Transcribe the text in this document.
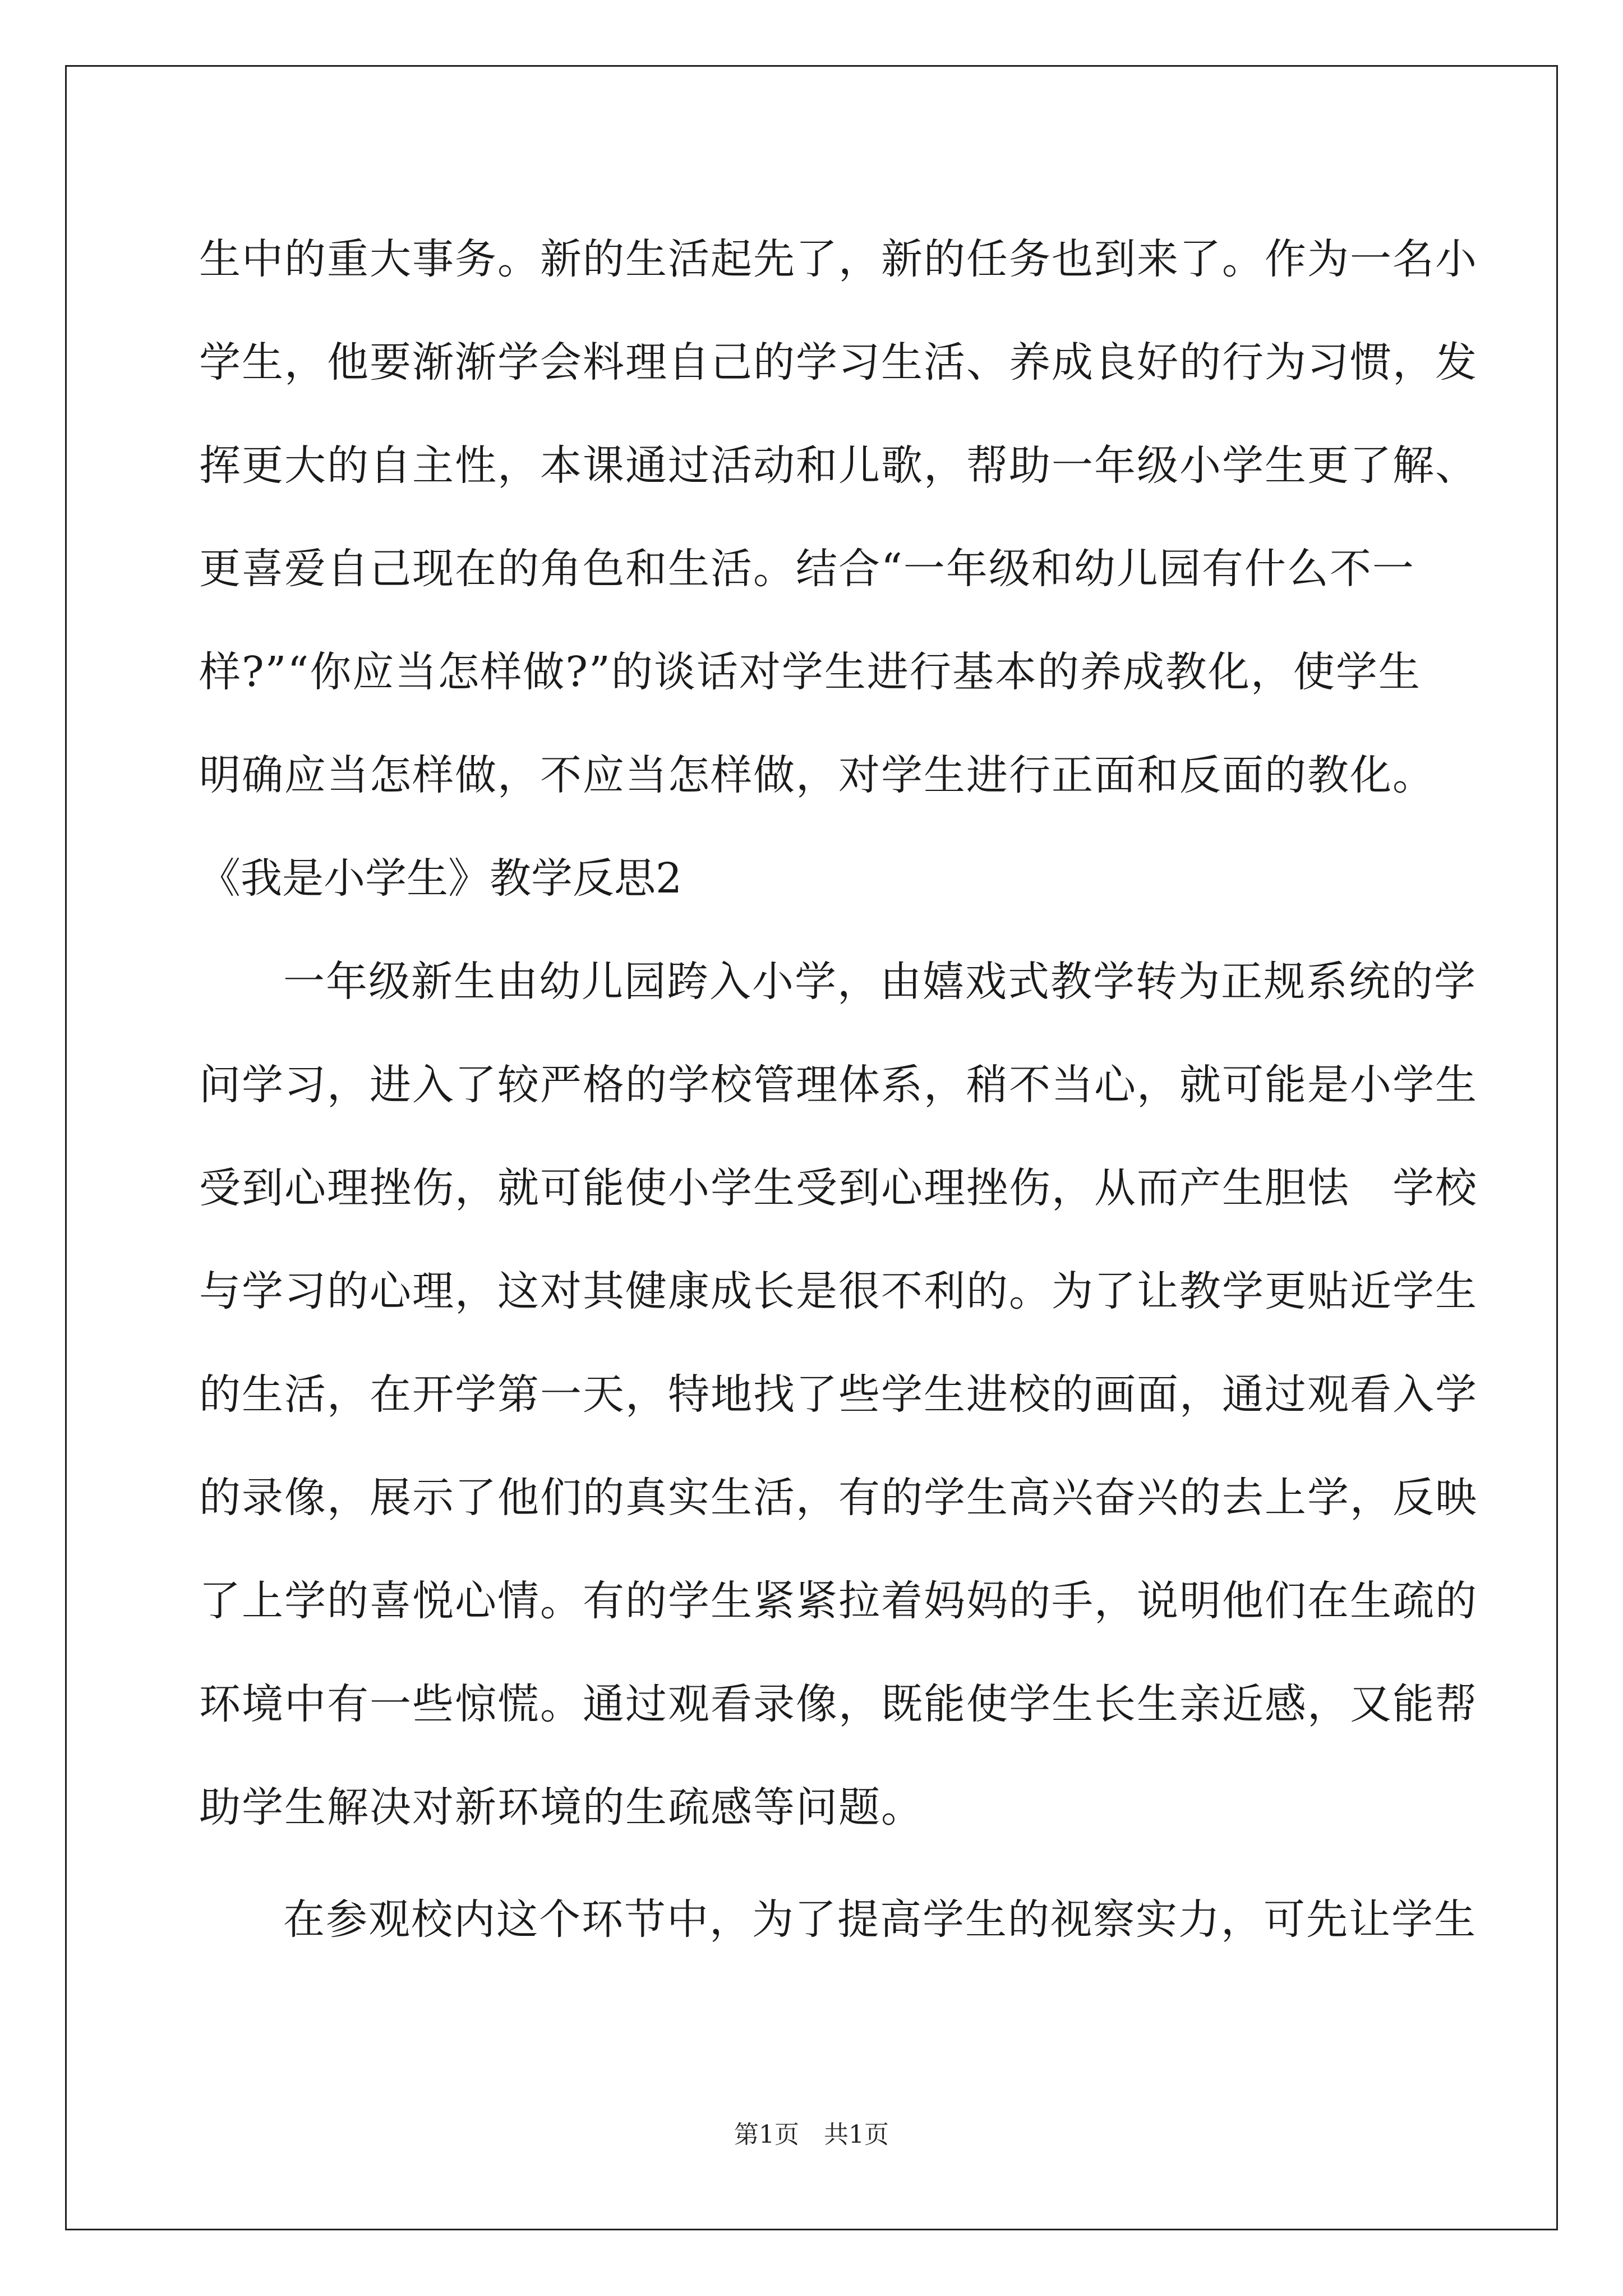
生中的重大事务。新的生活起先了，新的任务也到来了。作为一名小
学生，他要渐渐学会料理自己的学习生活、养成良好的行为习惯，发
挥更大的自主性，本课通过活动和儿歌，帮助一年级小学生更了解、
更喜爱自己现在的角色和生活。结合“一年级和幼儿园有什么不一
样?”“你应当怎样做?”的谈话对学生进行基本的养成教化，使学生
明确应当怎样做，不应当怎样做，对学生进行正面和反面的教化。
《我是小学生》教学反思2
一年级新生由幼儿园跨入小学，由嬉戏式教学转为正规系统的学
问学习，进入了较严格的学校管理体系，稍不当心，就可能是小学生
受到心理挫伤，就可能使小学生受到心理挫伤，从而产生胆怯　学校
与学习的心理，这对其健康成长是很不利的。为了让教学更贴近学生
的生活，在开学第一天，特地找了些学生进校的画面，通过观看入学
的录像，展示了他们的真实生活，有的学生高兴奋兴的去上学，反映
了上学的喜悦心情。有的学生紧紧拉着妈妈的手，说明他们在生疏的
环境中有一些惊慌。通过观看录像，既能使学生长生亲近感，又能帮
助学生解决对新环境的生疏感等问题。
在参观校内这个环节中，为了提高学生的视察实力，可先让学生
第1页 共1页
